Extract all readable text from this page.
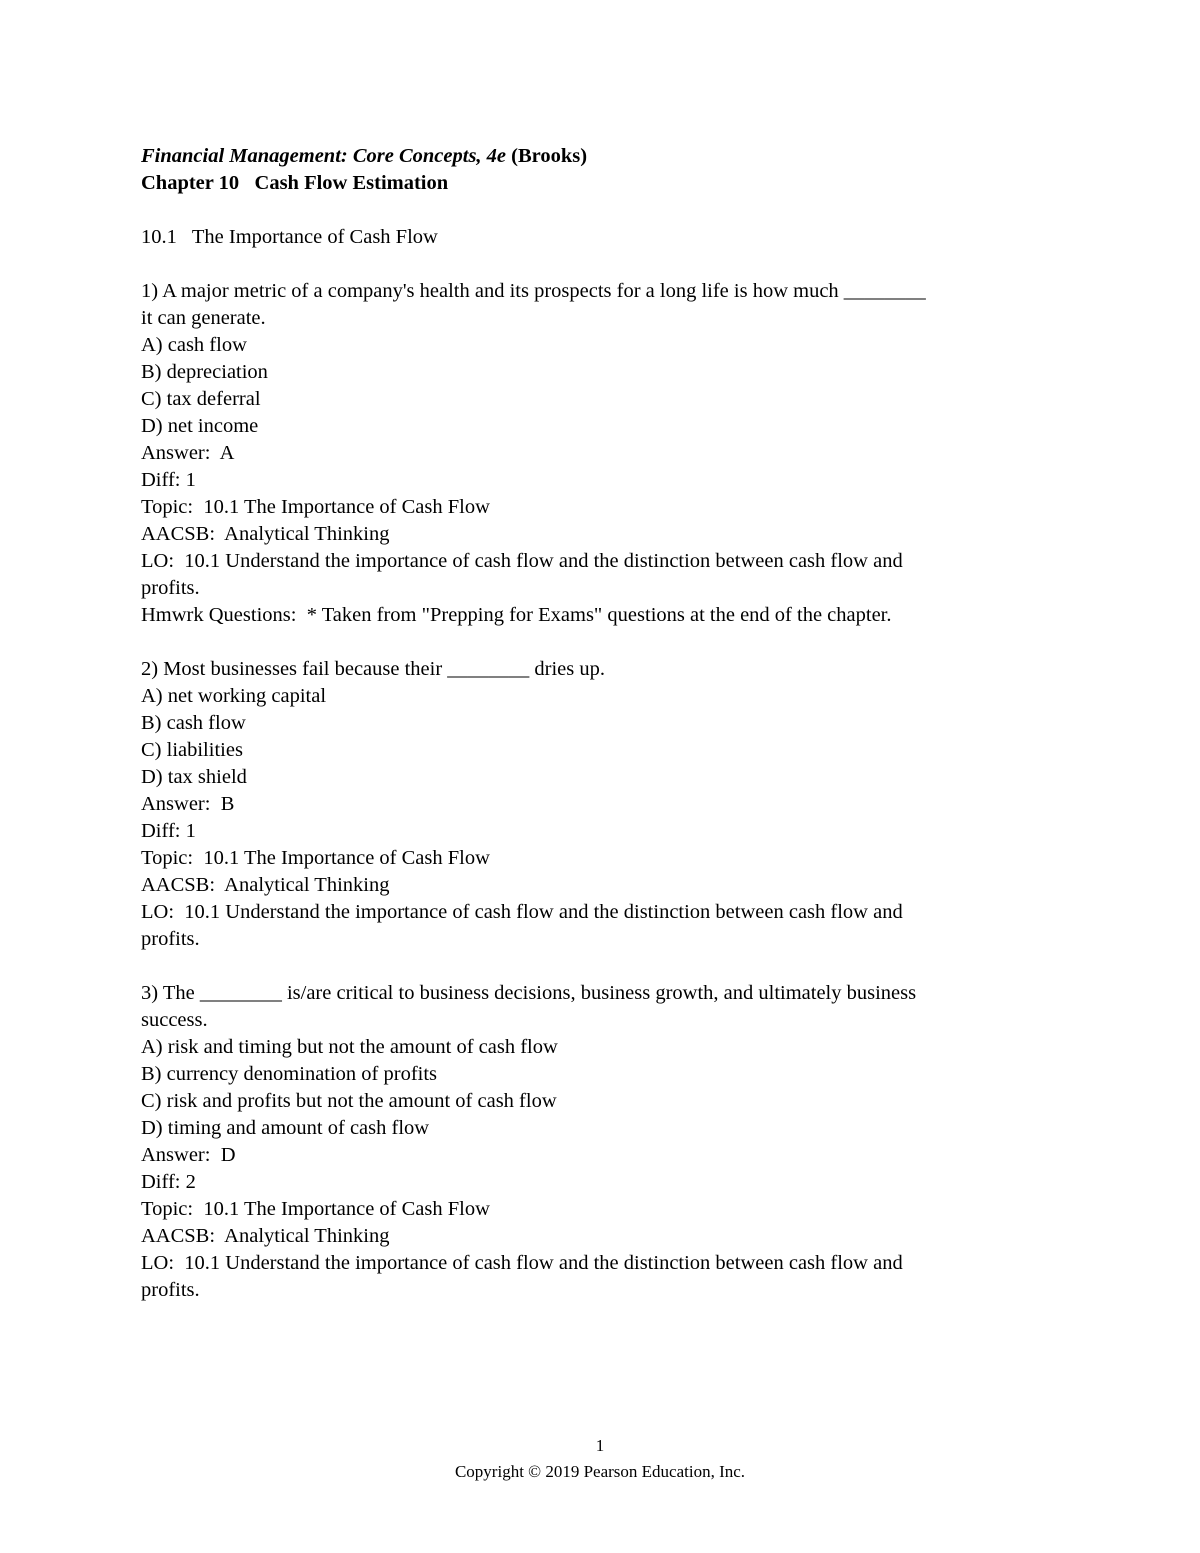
Financial Management: Core Concepts, 4e (Brooks)
Chapter 10   Cash Flow Estimation
10.1   The Importance of Cash Flow
1) A major metric of a company's health and its prospects for a long life is how much ________
it can generate.
A) cash flow
B) depreciation
C) tax deferral
D) net income
Answer:  A
Diff: 1
Topic:  10.1 The Importance of Cash Flow
AACSB:  Analytical Thinking
LO:  10.1 Understand the importance of cash flow and the distinction between cash flow and
profits.
Hmwrk Questions:  * Taken from "Prepping for Exams" questions at the end of the chapter.
2) Most businesses fail because their ________ dries up.
A) net working capital
B) cash flow
C) liabilities
D) tax shield
Answer:  B
Diff: 1
Topic:  10.1 The Importance of Cash Flow
AACSB:  Analytical Thinking
LO:  10.1 Understand the importance of cash flow and the distinction between cash flow and
profits.
3) The ________ is/are critical to business decisions, business growth, and ultimately business
success.
A) risk and timing but not the amount of cash flow
B) currency denomination of profits
C) risk and profits but not the amount of cash flow
D) timing and amount of cash flow
Answer:  D
Diff: 2
Topic:  10.1 The Importance of Cash Flow
AACSB:  Analytical Thinking
LO:  10.1 Understand the importance of cash flow and the distinction between cash flow and
profits.
1
Copyright © 2019 Pearson Education, Inc.
